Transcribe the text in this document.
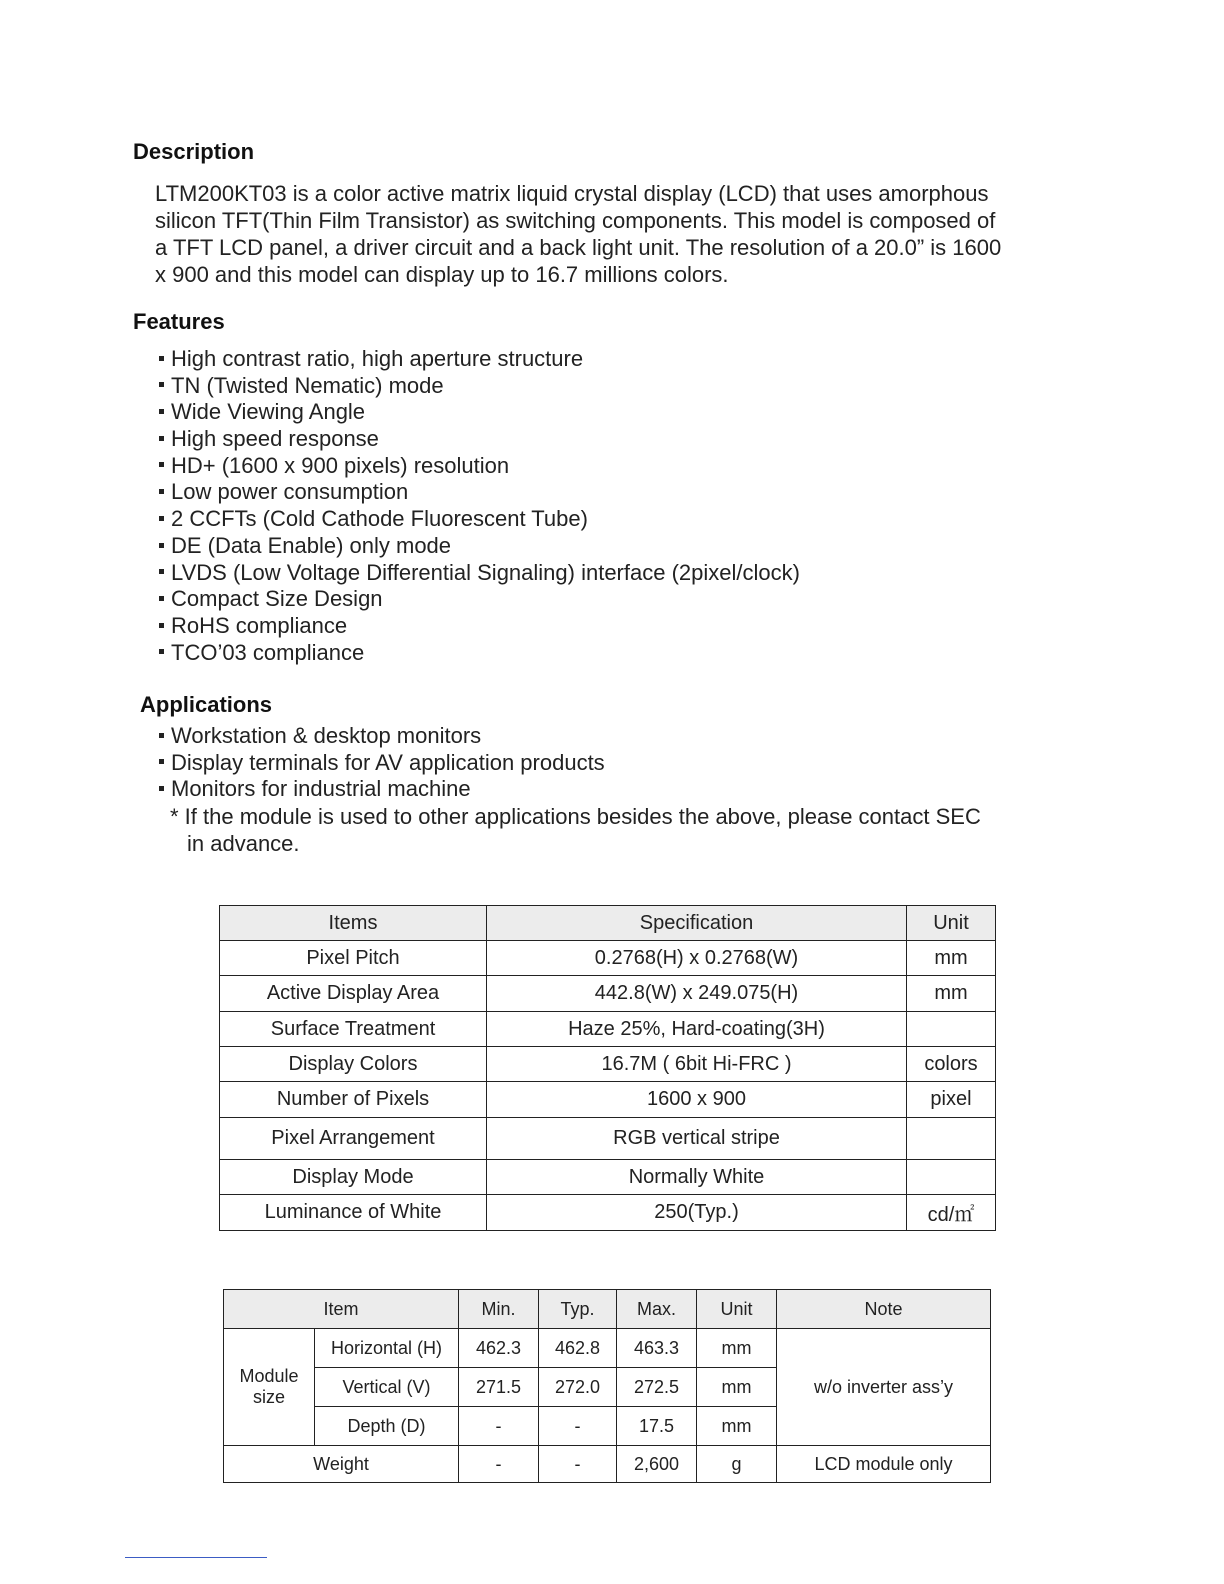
Description
LTM200KT03 is a color active matrix liquid crystal display (LCD) that uses amorphous
silicon TFT(Thin Film Transistor) as switching components. This model is composed of
a TFT LCD panel, a driver circuit and a back light unit. The resolution of a 20.0” is 1600
x 900 and this model can display up to 16.7 millions colors.
Features
High contrast ratio, high aperture structure
TN (Twisted Nematic) mode
Wide Viewing Angle
High speed response
HD+ (1600 x 900 pixels) resolution
Low power consumption
2 CCFTs (Cold Cathode Fluorescent Tube)
DE (Data Enable) only mode
LVDS (Low Voltage Differential Signaling) interface (2pixel/clock)
Compact Size Design
RoHS compliance
TCO’03 compliance
Applications
Workstation & desktop monitors
Display terminals for AV application products
Monitors for industrial machine
* If the module is used to other applications besides the above, please contact SEC
in advance.
Items	Specification	Unit
Pixel Pitch	0.2768(H) x 0.2768(W)	mm
Active Display Area	442.8(W) x 249.075(H)	mm
Surface Treatment	Haze 25%, Hard-coating(3H)	
Display Colors	16.7M ( 6bit Hi-FRC )	colors
Number of Pixels	1600 x 900	pixel
Pixel Arrangement	RGB vertical stripe	
Display Mode	Normally White	
Luminance of White	250(Typ.)	cd/㎡
Item		Min.	Typ.	Max.	Unit	Note

Module
size	Horizontal (H)	462.3	462.8	463.3	mm	w/o inverter ass’y
	Vertical (V)	271.5	272.0	272.5	mm	
	Depth (D)	-	-	17.5	mm	
Weight		-	-	2,600	g	LCD module only
